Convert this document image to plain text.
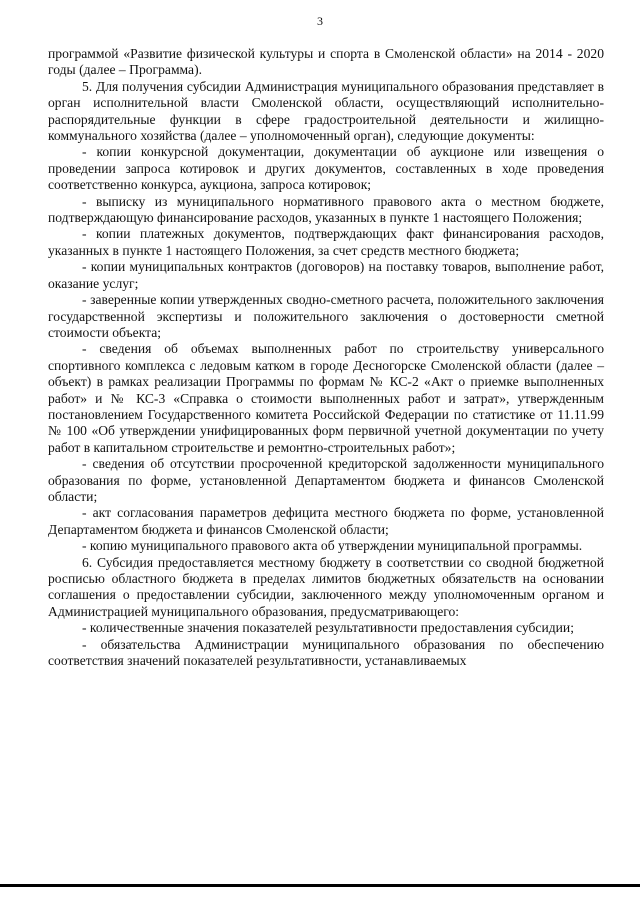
3

программой «Развитие физической культуры и спорта в Смоленской области» на 2014 - 2020 годы (далее – Программа).

5. Для получения субсидии Администрация муниципального образования представляет в орган исполнительной власти Смоленской области, осуществляющий исполнительно-распорядительные функции в сфере градостроительной деятельности и жилищно-коммунального хозяйства (далее – уполномоченный орган), следующие документы:

- копии конкурсной документации, документации об аукционе или извещения о проведении запроса котировок и других документов, составленных в ходе проведения соответственно конкурса, аукциона, запроса котировок;

- выписку из муниципального нормативного правового акта о местном бюджете, подтверждающую финансирование расходов, указанных в пункте 1 настоящего Положения;

- копии платежных документов, подтверждающих факт финансирования расходов, указанных в пункте 1 настоящего Положения, за счет средств местного бюджета;

- копии муниципальных контрактов (договоров) на поставку товаров, выполнение работ, оказание услуг;

- заверенные копии утвержденных сводно-сметного расчета, положительного заключения государственной экспертизы и положительного заключения о достоверности сметной стоимости объекта;

- сведения об объемах выполненных работ по строительству универсального спортивного комплекса с ледовым катком в городе Десногорске Смоленской области (далее – объект) в рамках реализации Программы по формам № КС-2 «Акт о приемке выполненных работ» и № КС-3 «Справка о стоимости выполненных работ и затрат», утвержденным постановлением Государственного комитета Российской Федерации по статистике от 11.11.99 № 100 «Об утверждении унифицированных форм первичной учетной документации по учету работ в капитальном строительстве и ремонтно-строительных работ»;

- сведения об отсутствии просроченной кредиторской задолженности муниципального образования по форме, установленной Департаментом бюджета и финансов Смоленской области;

- акт согласования параметров дефицита местного бюджета по форме, установленной Департаментом бюджета и финансов Смоленской области;

- копию муниципального правового акта об утверждении муниципальной программы.

6. Субсидия предоставляется местному бюджету в соответствии со сводной бюджетной росписью областного бюджета в пределах лимитов бюджетных обязательств на основании соглашения о предоставлении субсидии, заключенного между уполномоченным органом и Администрацией муниципального образования, предусматривающего:

- количественные значения показателей результативности предоставления субсидии;

- обязательства Администрации муниципального образования по обеспечению соответствия значений показателей результативности, устанавливаемых
